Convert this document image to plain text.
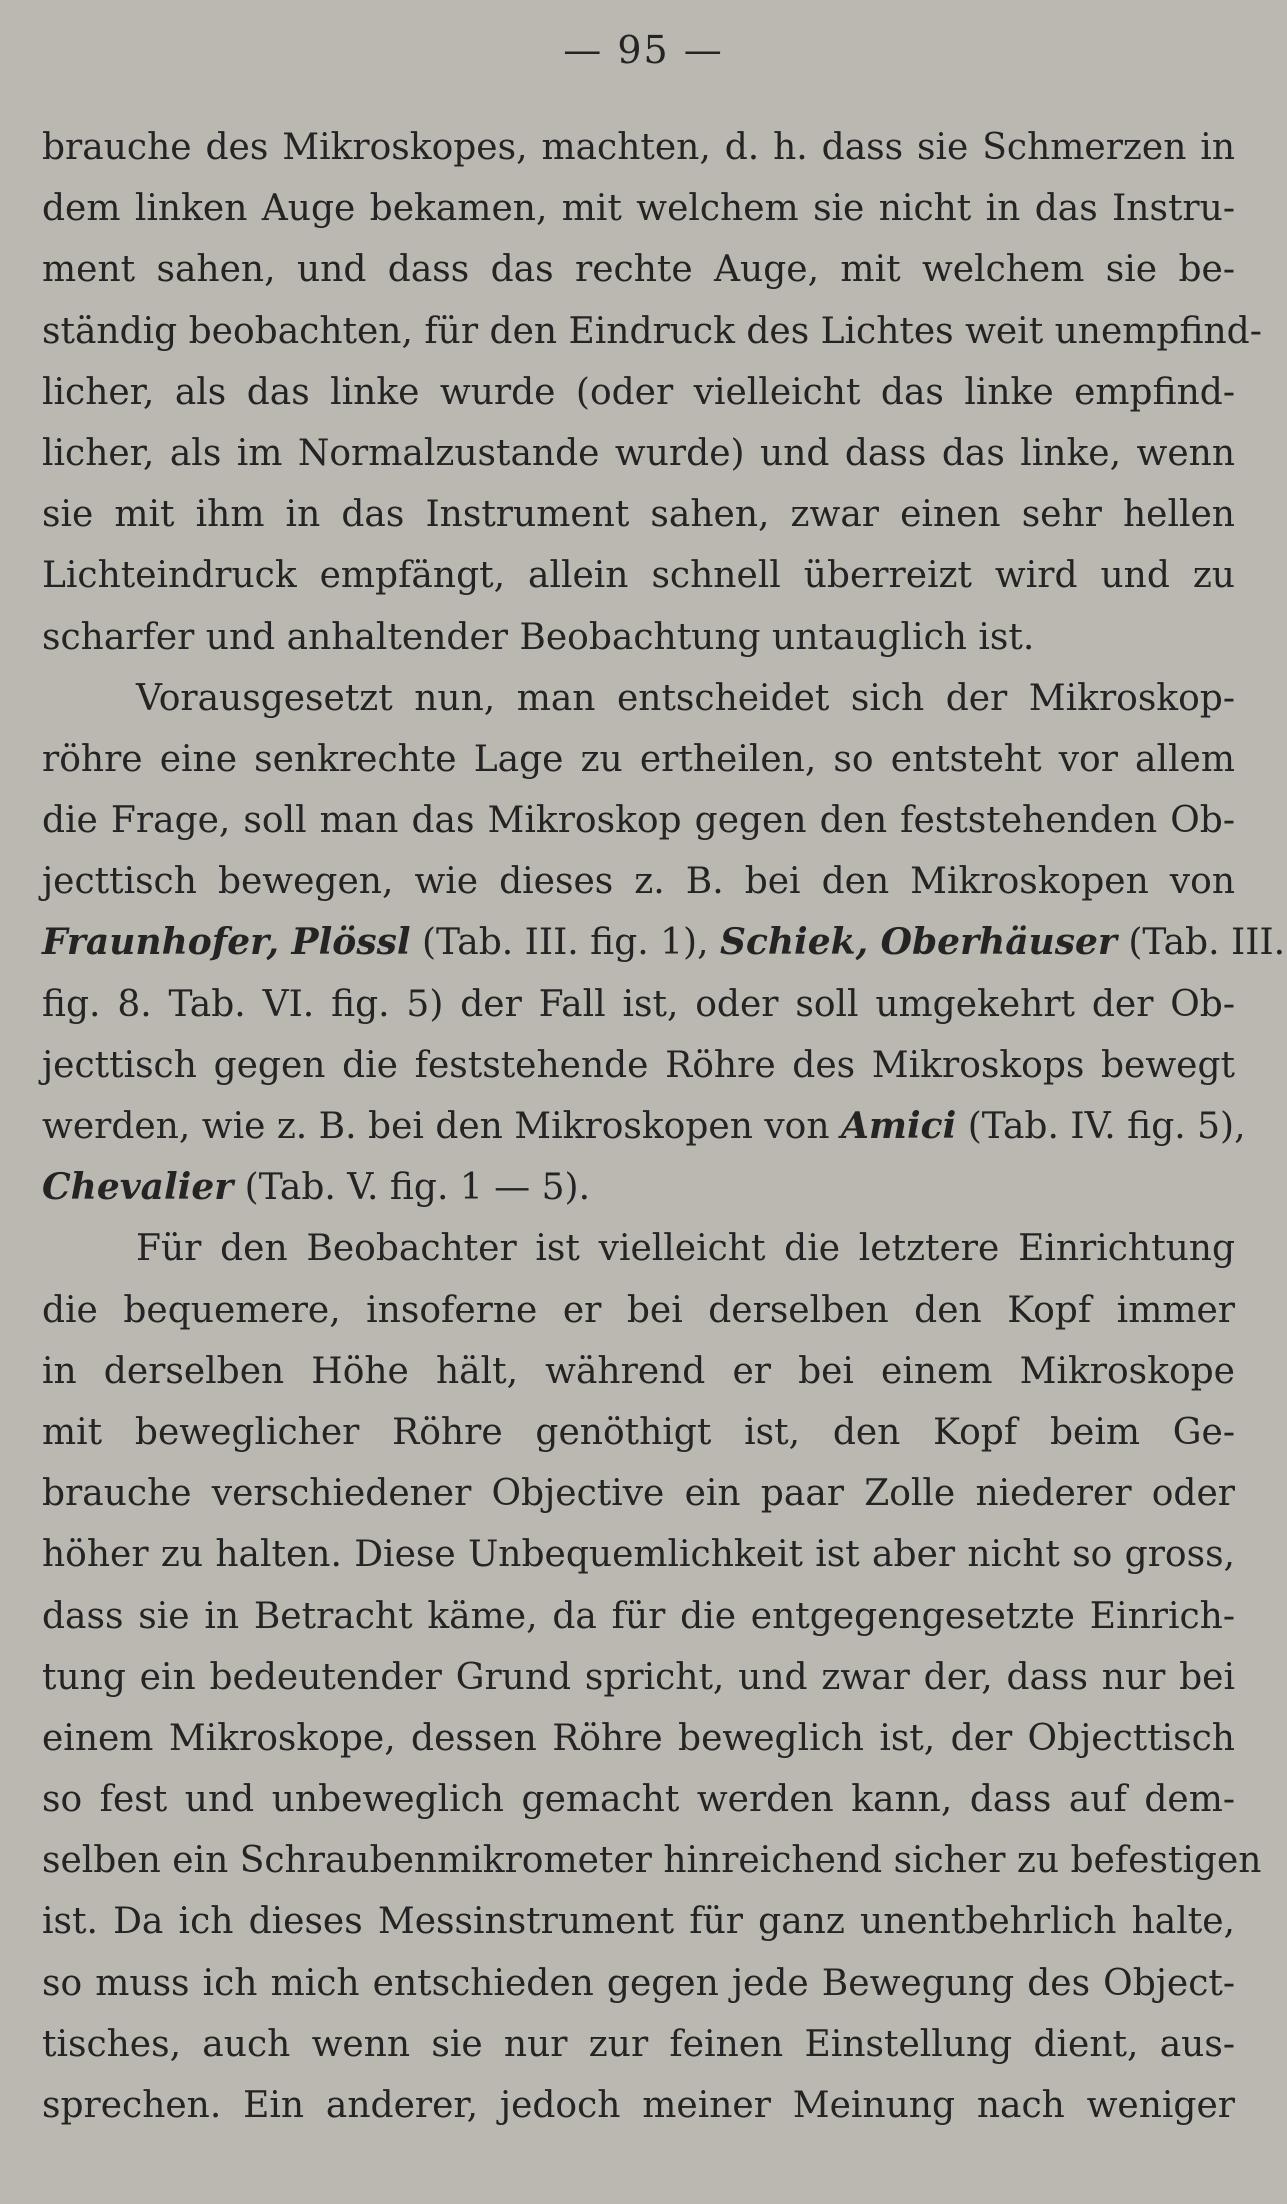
— 95 —
brauche des Mikroskopes, machten, d. h. dass sie Schmerzen in
dem linken Auge bekamen, mit welchem sie nicht in das Instru-
ment sahen, und dass das rechte Auge, mit welchem sie be-
ständig beobachten, für den Eindruck des Lichtes weit unempfind-
licher, als das linke wurde (oder vielleicht das linke empfind-
licher, als im Normalzustande wurde) und dass das linke, wenn
sie mit ihm in das Instrument sahen, zwar einen sehr hellen
Lichteindruck empfängt, allein schnell überreizt wird und zu
scharfer und anhaltender Beobachtung untauglich ist.
Vorausgesetzt nun, man entscheidet sich der Mikroskop-
röhre eine senkrechte Lage zu ertheilen, so entsteht vor allem
die Frage, soll man das Mikroskop gegen den feststehenden Ob-
jecttisch bewegen, wie dieses z. B. bei den Mikroskopen von
Fraunhofer, Plössl (Tab. III. fig. 1), Schiek, Oberhäuser (Tab. III.
fig. 8. Tab. VI. fig. 5) der Fall ist, oder soll umgekehrt der Ob-
jecttisch gegen die feststehende Röhre des Mikroskops bewegt
werden, wie z. B. bei den Mikroskopen von Amici (Tab. IV. fig. 5),
Chevalier (Tab. V. fig. 1 — 5).
Für den Beobachter ist vielleicht die letztere Einrichtung
die bequemere, insoferne er bei derselben den Kopf immer
in derselben Höhe hält, während er bei einem Mikroskope
mit beweglicher Röhre genöthigt ist, den Kopf beim Ge-
brauche verschiedener Objective ein paar Zolle niederer oder
höher zu halten. Diese Unbequemlichkeit ist aber nicht so gross,
dass sie in Betracht käme, da für die entgegengesetzte Einrich-
tung ein bedeutender Grund spricht, und zwar der, dass nur bei
einem Mikroskope, dessen Röhre beweglich ist, der Objecttisch
so fest und unbeweglich gemacht werden kann, dass auf dem-
selben ein Schraubenmikrometer hinreichend sicher zu befestigen
ist. Da ich dieses Messinstrument für ganz unentbehrlich halte,
so muss ich mich entschieden gegen jede Bewegung des Object-
tisches, auch wenn sie nur zur feinen Einstellung dient, aus-
sprechen. Ein anderer, jedoch meiner Meinung nach weniger
